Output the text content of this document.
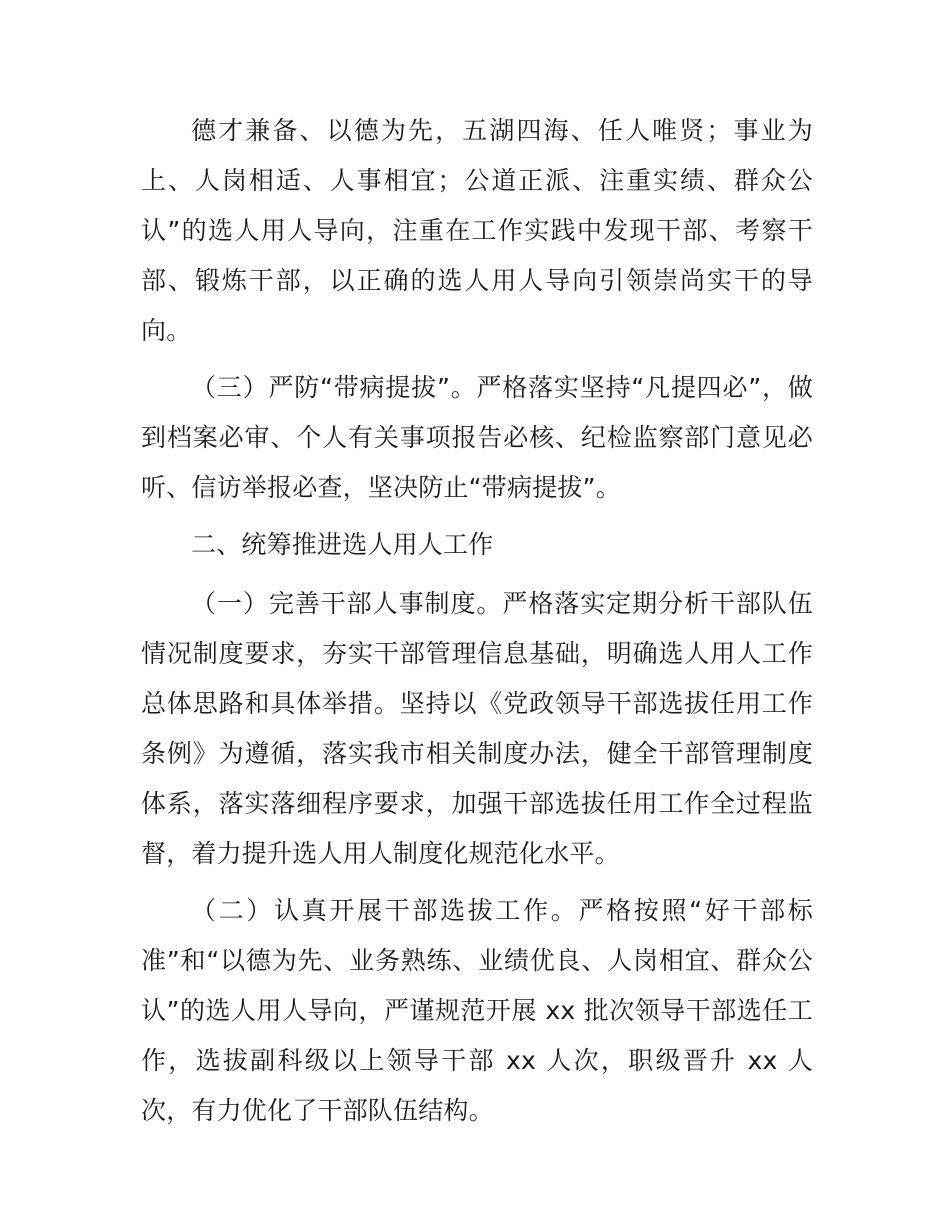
德才兼备、以德为先，五湖四海、任人唯贤；事业为上、人岗相适、人事相宜；公道正派、注重实绩、群众公认”的选人用人导向，注重在工作实践中发现干部、考察干部、锻炼干部，以正确的选人用人导向引领崇尚实干的导向。

（三）严防“带病提拔”。严格落实坚持“凡提四必”，做到档案必审、个人有关事项报告必核、纪检监察部门意见必听、信访举报必查，坚决防止“带病提拔”。

二、统筹推进选人用人工作

（一）完善干部人事制度。严格落实定期分析干部队伍情况制度要求，夯实干部管理信息基础，明确选人用人工作总体思路和具体举措。坚持以《党政领导干部选拔任用工作条例》为遵循，落实我市相关制度办法，健全干部管理制度体系，落实落细程序要求，加强干部选拔任用工作全过程监督，着力提升选人用人制度化规范化水平。

（二）认真开展干部选拔工作。严格按照“好干部标准”和“以德为先、业务熟练、业绩优良、人岗相宜、群众公认”的选人用人导向，严谨规范开展 xx 批次领导干部选任工作，选拔副科级以上领导干部 xx 人次，职级晋升 xx 人次，有力优化了干部队伍结构。
